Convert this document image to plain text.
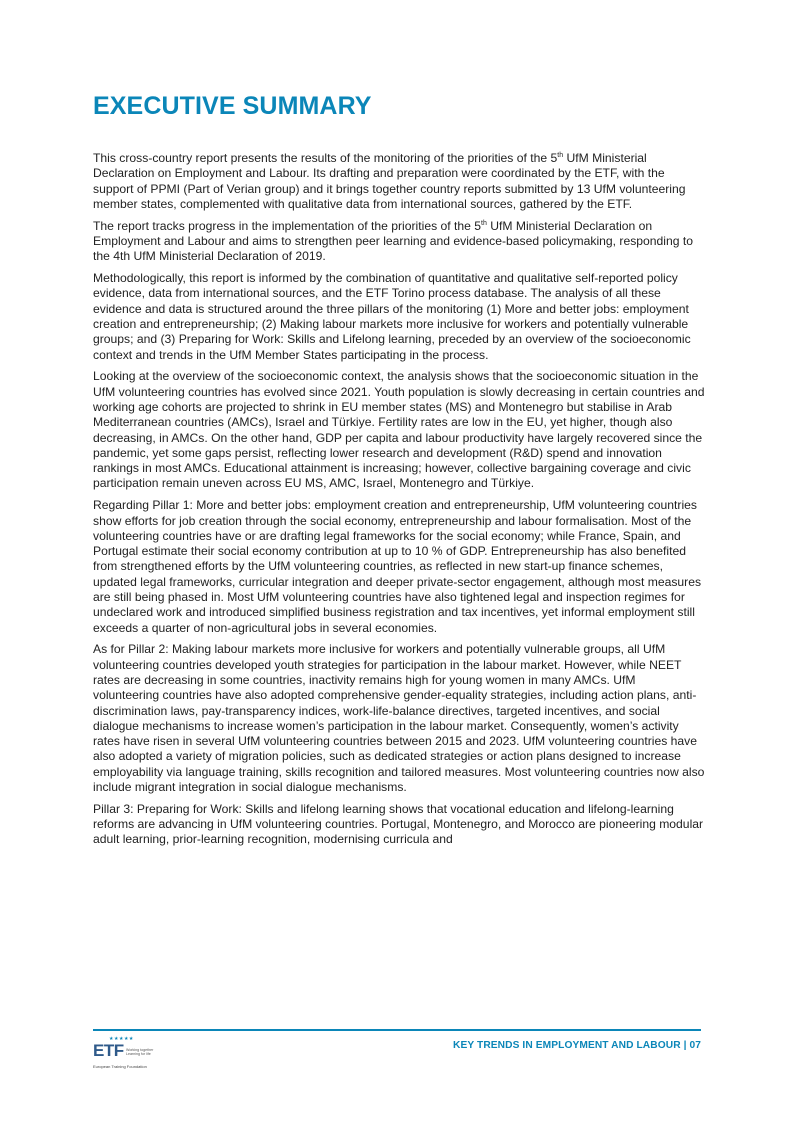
EXECUTIVE SUMMARY

This cross-country report presents the results of the monitoring of the priorities of the 5th UfM Ministerial Declaration on Employment and Labour. Its drafting and preparation were coordinated by the ETF, with the support of PPMI (Part of Verian group) and it brings together country reports submitted by 13 UfM volunteering member states, complemented with qualitative data from international sources, gathered by the ETF.

The report tracks progress in the implementation of the priorities of the 5th UfM Ministerial Declaration on Employment and Labour and aims to strengthen peer learning and evidence-based policymaking, responding to the 4th UfM Ministerial Declaration of 2019.

Methodologically, this report is informed by the combination of quantitative and qualitative self-reported policy evidence, data from international sources, and the ETF Torino process database. The analysis of all these evidence and data is structured around the three pillars of the monitoring (1) More and better jobs: employment creation and entrepreneurship; (2) Making labour markets more inclusive for workers and potentially vulnerable groups; and (3) Preparing for Work: Skills and Lifelong learning, preceded by an overview of the socioeconomic context and trends in the UfM Member States participating in the process.

Looking at the overview of the socioeconomic context, the analysis shows that the socioeconomic situation in the UfM volunteering countries has evolved since 2021. Youth population is slowly decreasing in certain countries and working age cohorts are projected to shrink in EU member states (MS) and Montenegro but stabilise in Arab Mediterranean countries (AMCs), Israel and Türkiye. Fertility rates are low in the EU, yet higher, though also decreasing, in AMCs. On the other hand, GDP per capita and labour productivity have largely recovered since the pandemic, yet some gaps persist, reflecting lower research and development (R&D) spend and innovation rankings in most AMCs. Educational attainment is increasing; however, collective bargaining coverage and civic participation remain uneven across EU MS, AMC, Israel, Montenegro and Türkiye.

Regarding Pillar 1: More and better jobs: employment creation and entrepreneurship, UfM volunteering countries show efforts for job creation through the social economy, entrepreneurship and labour formalisation. Most of the volunteering countries have or are drafting legal frameworks for the social economy; while France, Spain, and Portugal estimate their social economy contribution at up to 10 % of GDP. Entrepreneurship has also benefited from strengthened efforts by the UfM volunteering countries, as reflected in new start-up finance schemes, updated legal frameworks, curricular integration and deeper private-sector engagement, although most measures are still being phased in. Most UfM volunteering countries have also tightened legal and inspection regimes for undeclared work and introduced simplified business registration and tax incentives, yet informal employment still exceeds a quarter of non-agricultural jobs in several economies.

As for Pillar 2: Making labour markets more inclusive for workers and potentially vulnerable groups, all UfM volunteering countries developed youth strategies for participation in the labour market. However, while NEET rates are decreasing in some countries, inactivity remains high for young women in many AMCs. UfM volunteering countries have also adopted comprehensive gender-equality strategies, including action plans, anti-discrimination laws, pay-transparency indices, work-life-balance directives, targeted incentives, and social dialogue mechanisms to increase women’s participation in the labour market. Consequently, women’s activity rates have risen in several UfM volunteering countries between 2015 and 2023. UfM volunteering countries have also adopted a variety of migration policies, such as dedicated strategies or action plans designed to increase employability via language training, skills recognition and tailored measures. Most volunteering countries now also include migrant integration in social dialogue mechanisms.

Pillar 3: Preparing for Work: Skills and lifelong learning shows that vocational education and lifelong-learning reforms are advancing in UfM volunteering countries. Portugal, Montenegro, and Morocco are pioneering modular adult learning, prior-learning recognition, modernising curricula and

★★★★★
ETF Working together Learning for life
European Training Foundation
KEY TRENDS IN EMPLOYMENT AND LABOUR | 07
